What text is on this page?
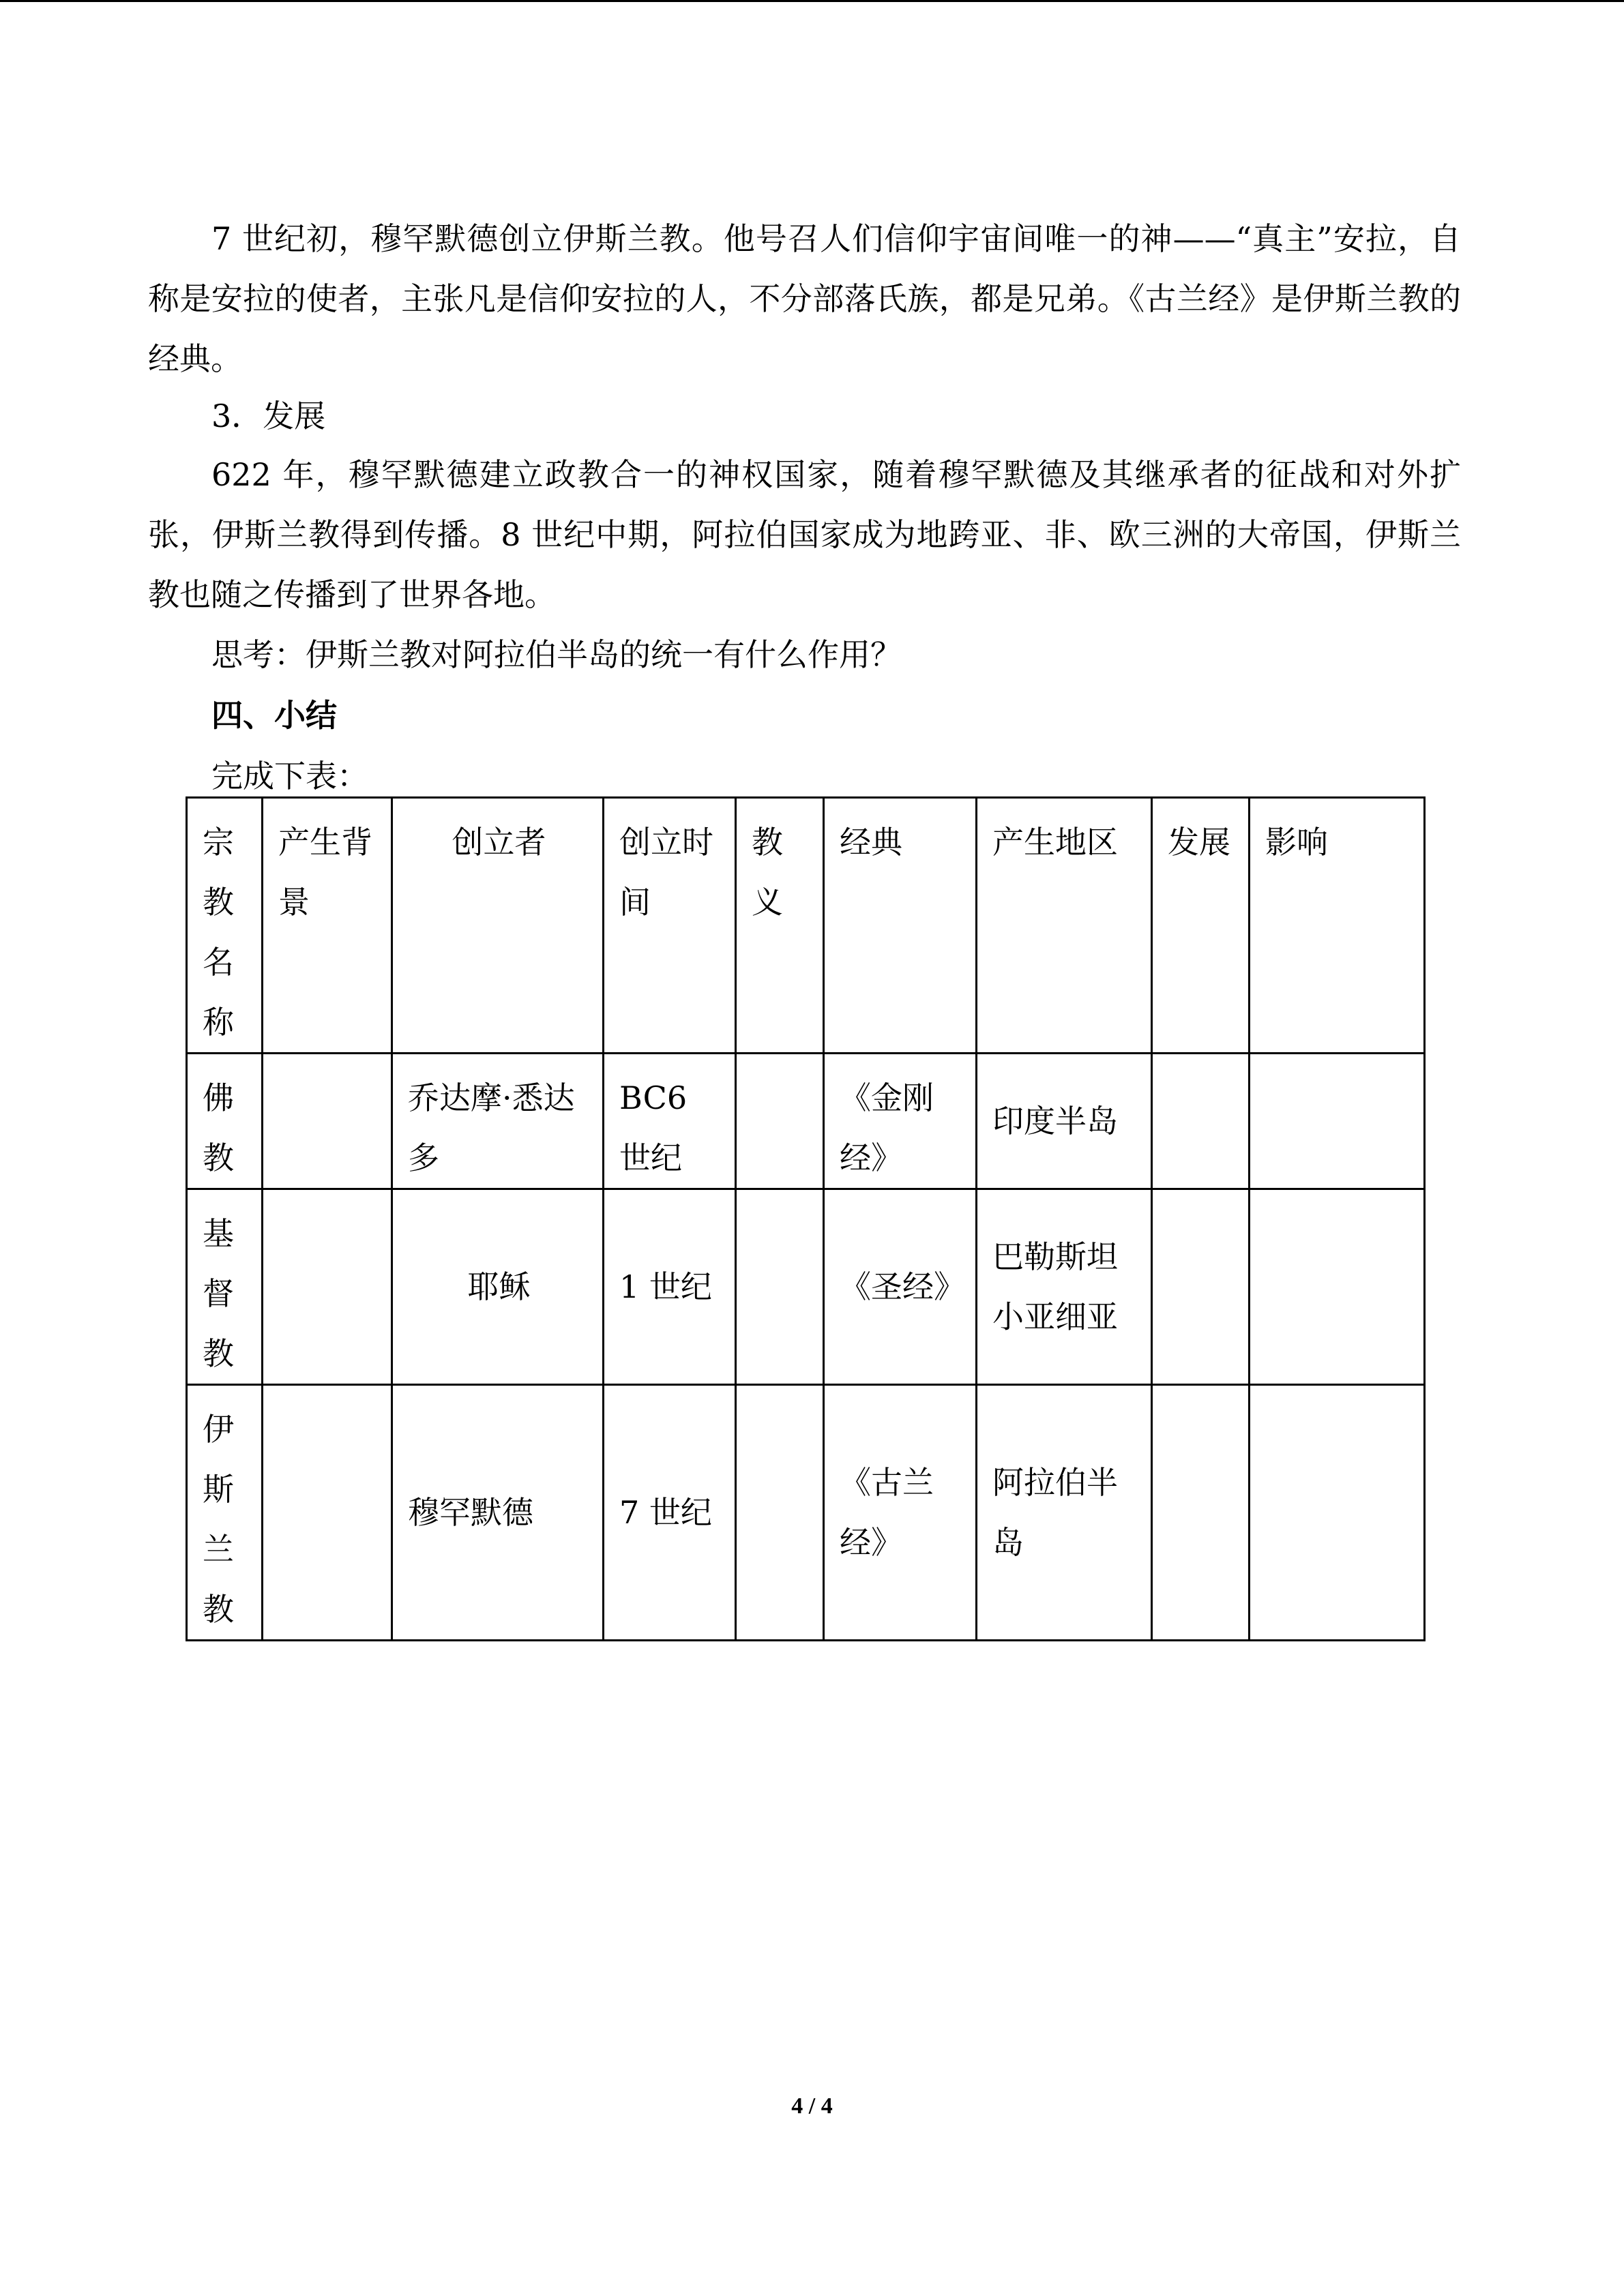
7 世纪初，穆罕默德创立伊斯兰教。他号召人们信仰宇宙间唯一的神——“真主”安拉，自称是安拉的使者，主张凡是信仰安拉的人，不分部落氏族，都是兄弟。《古兰经》是伊斯兰教的经典。

3．发展

622 年，穆罕默德建立政教合一的神权国家，随着穆罕默德及其继承者的征战和对外扩张，伊斯兰教得到传播。8 世纪中期，阿拉伯国家成为地跨亚、非、欧三洲的大帝国，伊斯兰教也随之传播到了世界各地。

思考：伊斯兰教对阿拉伯半岛的统一有什么作用？

四、小结

完成下表：

宗教名称	产生背景	创立者	创立时间	教义	经典	产生地区	发展	影响
佛教		乔达摩·悉达多	BC6 世纪		《金刚经》	印度半岛		
基督教		耶稣	1 世纪		《圣经》	巴勒斯坦小亚细亚		
伊斯兰教		穆罕默德	7 世纪		《古兰经》	阿拉伯半岛		
4 / 4
